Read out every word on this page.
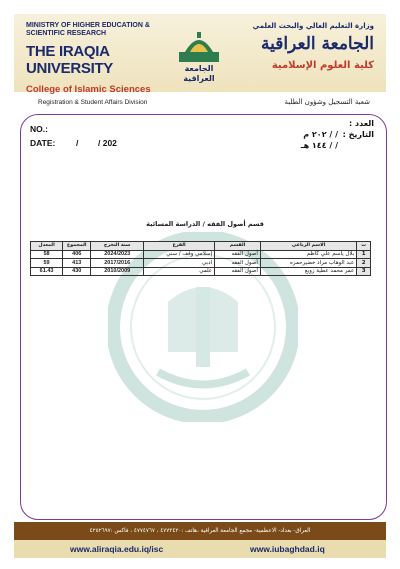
MINISTRY OF HIGHER EDUCATION & SCIENTIFIC RESEARCH
THE IRAQIA UNIVERSITY
College of Islamic Sciences
الجامعة
العراقية
وزارة التعليم العالي والبحث العلمي
الجامعة العراقية
كلية العلوم الإسلامية
Registration & Student Affairs Division	شعبة التسجيل وشؤون الطلبة
NO.:
DATE: / / 202
العدد :
التاريخ :
/ / ٢٠٢ م
/ / ١٤٤ هـ
قسم أصول الفقه / الدراسة المسائية
ت	الاسم الرباعي	القسم	الفرع	سنة التخرج	المجموع	المعدل
1	بلال ياسم علي كاظم	أصول الفقه	إسلامي وقف / سني	2024/2023	406	58
2	عبد الوهاب مراد خضيرحمزه	أصول الفقه	ادبي	2017/2016	413	59
3	عمر محمد عطية زويع	أصول الفقه	علمي	2010/2009	430	61.43
العراق- بغداد- الاعظمية- مجمع الجامعة العراقية ،هاتف :٤٧٧٣٤٢٠ ، ٤٧٧٤٧٦٧ ، فاكس :٤٢٥٢٦٩٧
www.aliraqia.edu.iq/isc	www.iubaghdad.iq
